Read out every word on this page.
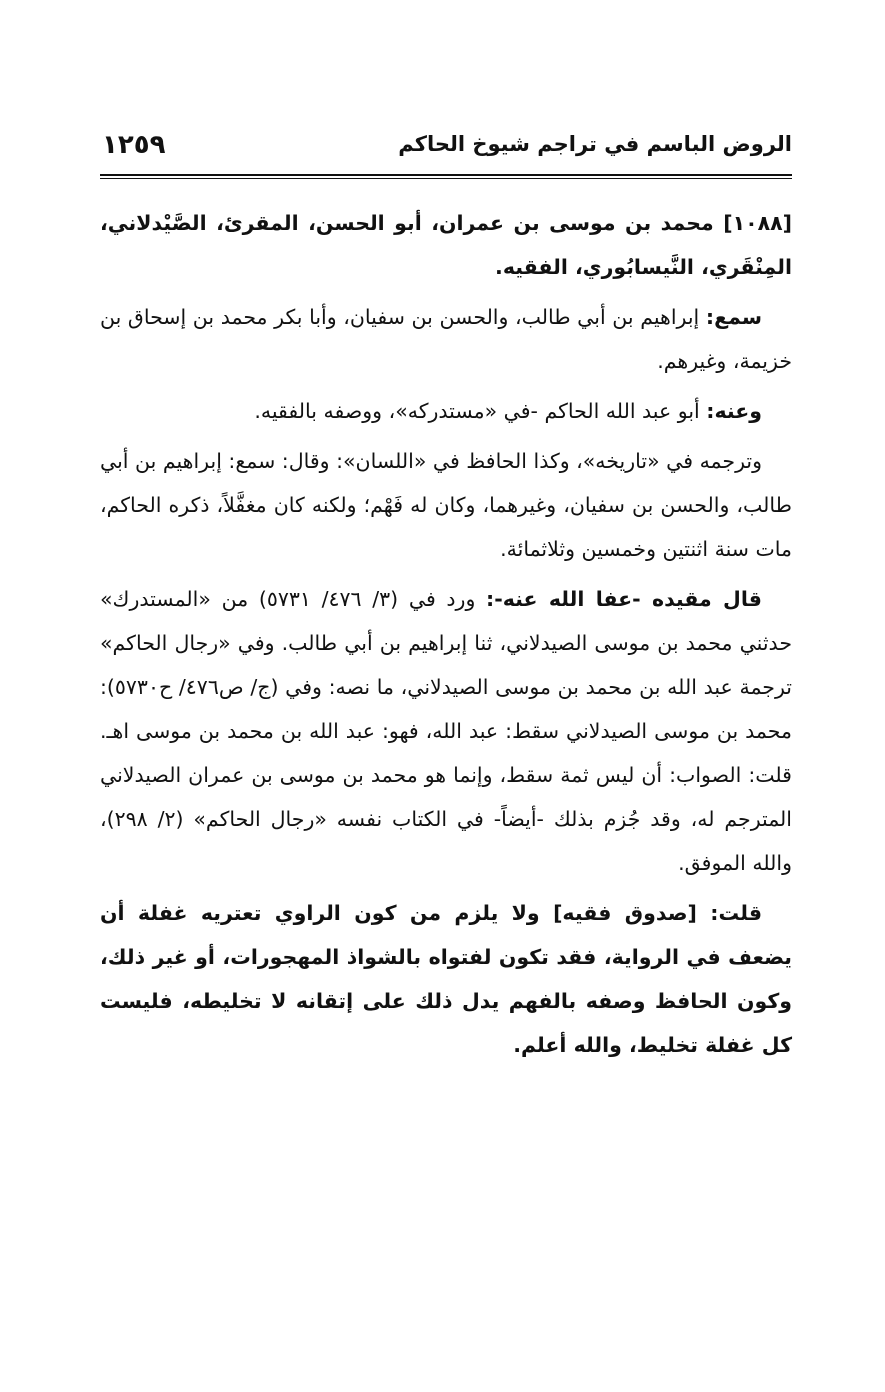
الروض الباسم في تراجم شيوخ الحاكم
١٢٥٩

[١٠٨٨] محمد بن موسى بن عمران، أبو الحسن، المقرئ، الصَّيْدلاني، المِنْقَري، النَّيسابُوري، الفقيه.

سمع: إبراهيم بن أبي طالب، والحسن بن سفيان، وأبا بكر محمد بن إسحاق بن خزيمة، وغيرهم.

وعنه: أبو عبد الله الحاكم -في «مستدركه»، ووصفه بالفقيه.

وترجمه في «تاريخه»، وكذا الحافظ في «اللسان»: وقال: سمع: إبراهيم بن أبي طالب، والحسن بن سفيان، وغيرهما، وكان له فَهْم؛ ولكنه كان مغفَّلاً، ذكره الحاكم، مات سنة اثنتين وخمسين وثلاثمائة.

قال مقيده -عفا الله عنه-: ورد في (٣/ ٤٧٦/ ٥٧٣١) من «المستدرك» حدثني محمد بن موسى الصيدلاني، ثنا إبراهيم بن أبي طالب. وفي «رجال الحاكم» ترجمة عبد الله بن محمد بن موسى الصيدلاني، ما نصه: وفي (ج/ ص٤٧٦/ ح٥٧٣٠): محمد بن موسى الصيدلاني سقط: عبد الله، فهو: عبد الله بن محمد بن موسى اهـ. قلت: الصواب: أن ليس ثمة سقط، وإنما هو محمد بن موسى بن عمران الصيدلاني المترجم له، وقد جُزم بذلك -أيضاً- في الكتاب نفسه «رجال الحاكم» (٢/ ٢٩٨)، والله الموفق.

قلت: [صدوق فقيه] ولا يلزم من كون الراوي تعتريه غفلة أن يضعف في الرواية، فقد تكون لفتواه بالشواذ المهجورات، أو غير ذلك، وكون الحافظ وصفه بالفهم يدل ذلك على إتقانه لا تخليطه، فليست كل غفلة تخليط، والله أعلم.
